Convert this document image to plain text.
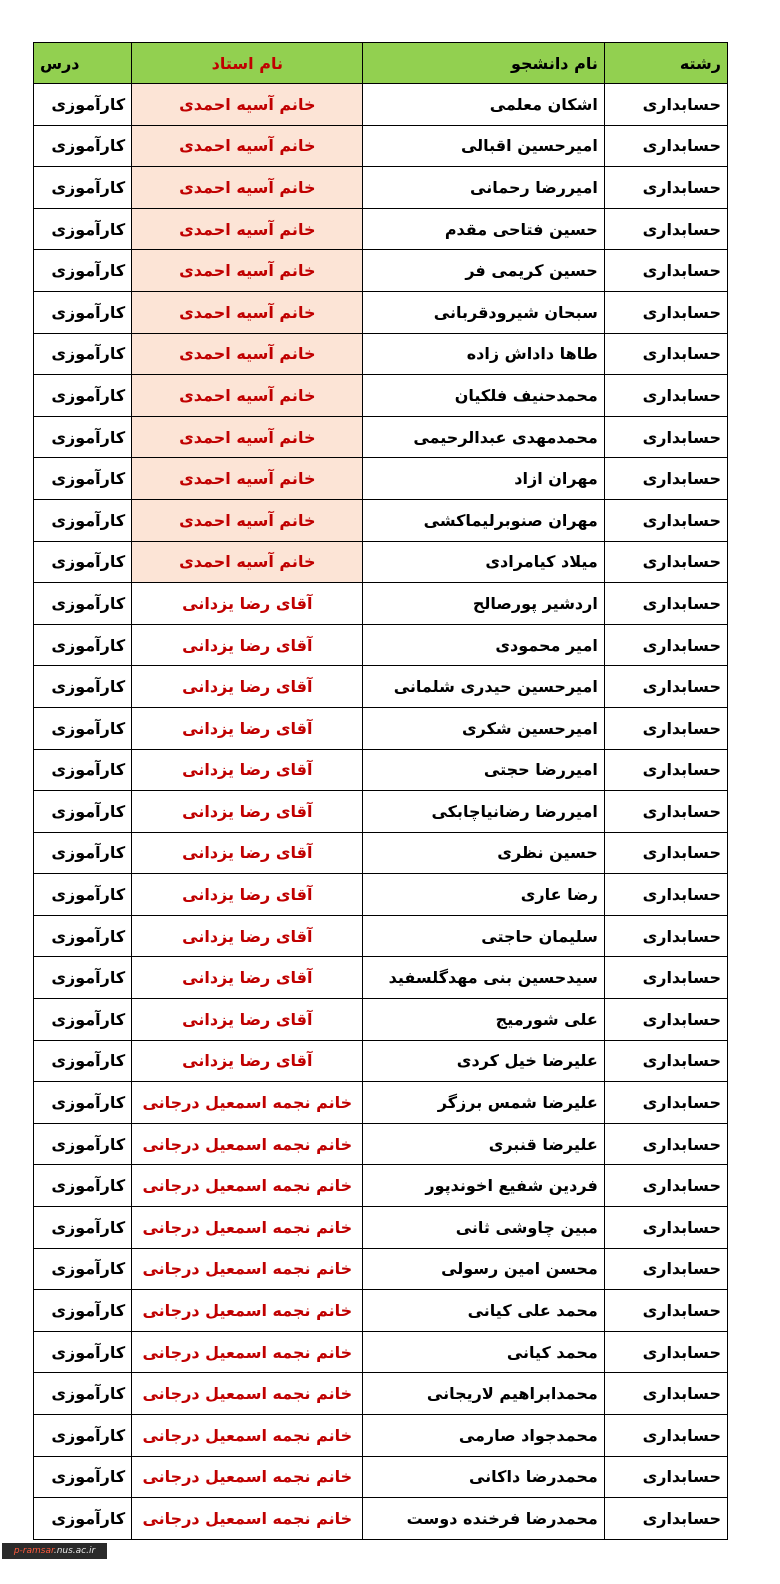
رشته	نام دانشجو	نام استاد	درس
حسابداری	اشکان معلمی	خانم آسیه احمدی	کارآموزی
حسابداری	امیرحسین اقبالی	خانم آسیه احمدی	کارآموزی
حسابداری	امیررضا رحمانی	خانم آسیه احمدی	کارآموزی
حسابداری	حسین فتاحی مقدم	خانم آسیه احمدی	کارآموزی
حسابداری	حسین کریمی فر	خانم آسیه احمدی	کارآموزی
حسابداری	سبحان شیرودقربانی	خانم آسیه احمدی	کارآموزی
حسابداری	طاها داداش زاده	خانم آسیه احمدی	کارآموزی
حسابداری	محمدحنیف فلکیان	خانم آسیه احمدی	کارآموزی
حسابداری	محمدمهدی عبدالرحیمی	خانم آسیه احمدی	کارآموزی
حسابداری	مهران ازاد	خانم آسیه احمدی	کارآموزی
حسابداری	مهران صنوبرلیماکشی	خانم آسیه احمدی	کارآموزی
حسابداری	میلاد کیامرادی	خانم آسیه احمدی	کارآموزی
حسابداری	اردشیر پورصالح	آقای رضا یزدانی	کارآموزی
حسابداری	امیر محمودی	آقای رضا یزدانی	کارآموزی
حسابداری	امیرحسین حیدری شلمانی	آقای رضا یزدانی	کارآموزی
حسابداری	امیرحسین شکری	آقای رضا یزدانی	کارآموزی
حسابداری	امیررضا حجتی	آقای رضا یزدانی	کارآموزی
حسابداری	امیررضا رضانیاچابکی	آقای رضا یزدانی	کارآموزی
حسابداری	حسین نظری	آقای رضا یزدانی	کارآموزی
حسابداری	رضا عاری	آقای رضا یزدانی	کارآموزی
حسابداری	سلیمان حاجتی	آقای رضا یزدانی	کارآموزی
حسابداری	سیدحسین بنی مهدگلسفید	آقای رضا یزدانی	کارآموزی
حسابداری	علی شورمیج	آقای رضا یزدانی	کارآموزی
حسابداری	علیرضا خیل کردی	آقای رضا یزدانی	کارآموزی
حسابداری	علیرضا شمس برزگر	خانم نجمه اسمعیل درجانی	کارآموزی
حسابداری	علیرضا قنبری	خانم نجمه اسمعیل درجانی	کارآموزی
حسابداری	فردین شفیع اخوندپور	خانم نجمه اسمعیل درجانی	کارآموزی
حسابداری	مبین چاوشی ثانی	خانم نجمه اسمعیل درجانی	کارآموزی
حسابداری	محسن امین رسولی	خانم نجمه اسمعیل درجانی	کارآموزی
حسابداری	محمد علی کیانی	خانم نجمه اسمعیل درجانی	کارآموزی
حسابداری	محمد کیانی	خانم نجمه اسمعیل درجانی	کارآموزی
حسابداری	محمدابراهیم لاریجانی	خانم نجمه اسمعیل درجانی	کارآموزی
حسابداری	محمدجواد صارمی	خانم نجمه اسمعیل درجانی	کارآموزی
حسابداری	محمدرضا داکانی	خانم نجمه اسمعیل درجانی	کارآموزی
حسابداری	محمدرضا فرخنده دوست	خانم نجمه اسمعیل درجانی	کارآموزی
p-ramsar.nus.ac.ir
